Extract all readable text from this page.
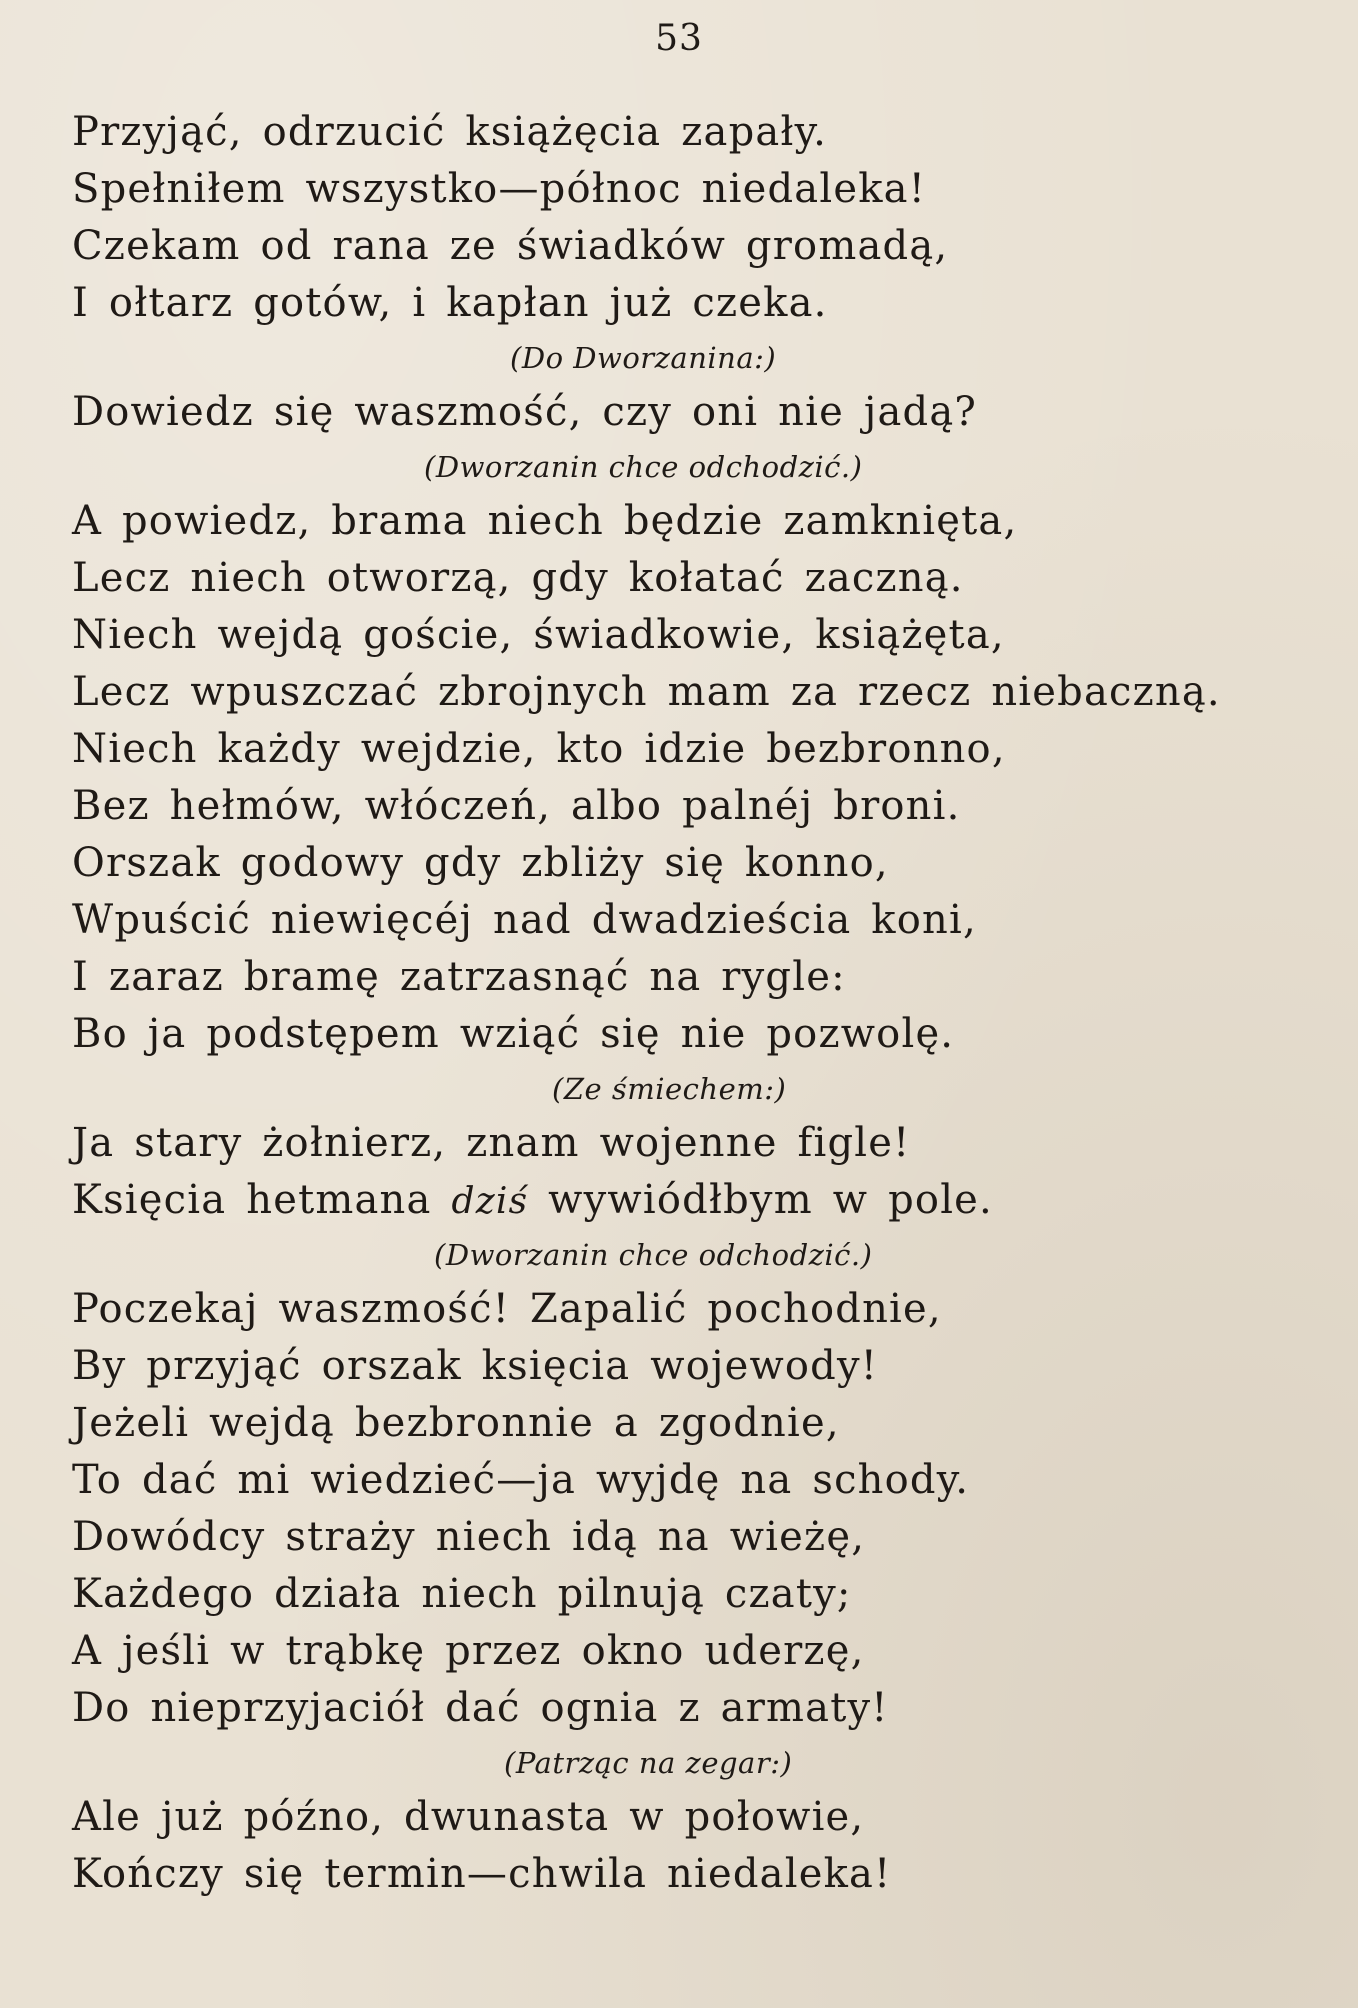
53
Przyjąć, odrzucić książęcia zapały.
Spełniłem wszystko—północ niedaleka!
Czekam od rana ze świadków gromadą,
I ołtarz gotów, i kapłan już czeka.
(Do Dworzanina:)
Dowiedz się waszmość, czy oni nie jadą?
(Dworzanin chce odchodzić.)
A powiedz, brama niech będzie zamknięta,
Lecz niech otworzą, gdy kołatać zaczną.
Niech wejdą goście, świadkowie, książęta,
Lecz wpuszczać zbrojnych mam za rzecz niebaczną.
Niech każdy wejdzie, kto idzie bezbronno,
Bez hełmów, włóczeń, albo palnéj broni.
Orszak godowy gdy zbliży się konno,
Wpuścić niewięcéj nad dwadzieścia koni,
I zaraz bramę zatrzasnąć na rygle:
Bo ja podstępem wziąć się nie pozwolę.
(Ze śmiechem:)
Ja stary żołnierz, znam wojenne figle!
Księcia hetmana dziś wywiódłbym w pole.
(Dworzanin chce odchodzić.)
Poczekaj waszmość! Zapalić pochodnie,
By przyjąć orszak księcia wojewody!
Jeżeli wejdą bezbronnie a zgodnie,
To dać mi wiedzieć—ja wyjdę na schody.
Dowódcy straży niech idą na wieżę,
Każdego działa niech pilnują czaty;
A jeśli w trąbkę przez okno uderzę,
Do nieprzyjaciół dać ognia z armaty!
(Patrząc na zegar:)
Ale już późno, dwunasta w połowie,
Kończy się termin—chwila niedaleka!
